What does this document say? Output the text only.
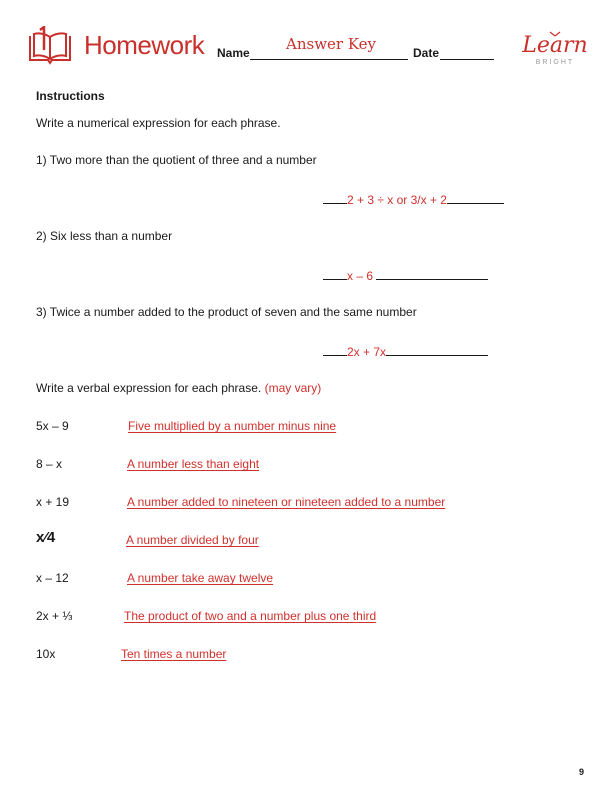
Homework Name Answer Key	Date	Learn
BRIGHT
Instructions
Write a numerical expression for each phrase.
1) Two more than the quotient of three and a number
2 + 3 ÷ x or 3/x + 2
2) Six less than a number
x – 6
3) Twice a number added to the product of seven and the same number
2x + 7x
Write a verbal expression for each phrase. (may vary)
5x – 9	Five multiplied by a number minus nine
8 – x	A number less than eight
x + 19	A number added to nineteen or nineteen added to a number
x⁄4	A number divided by four
x – 12	A number take away twelve
2x + ⅓	The product of two and a number plus one third
10x	Ten times a number
9
